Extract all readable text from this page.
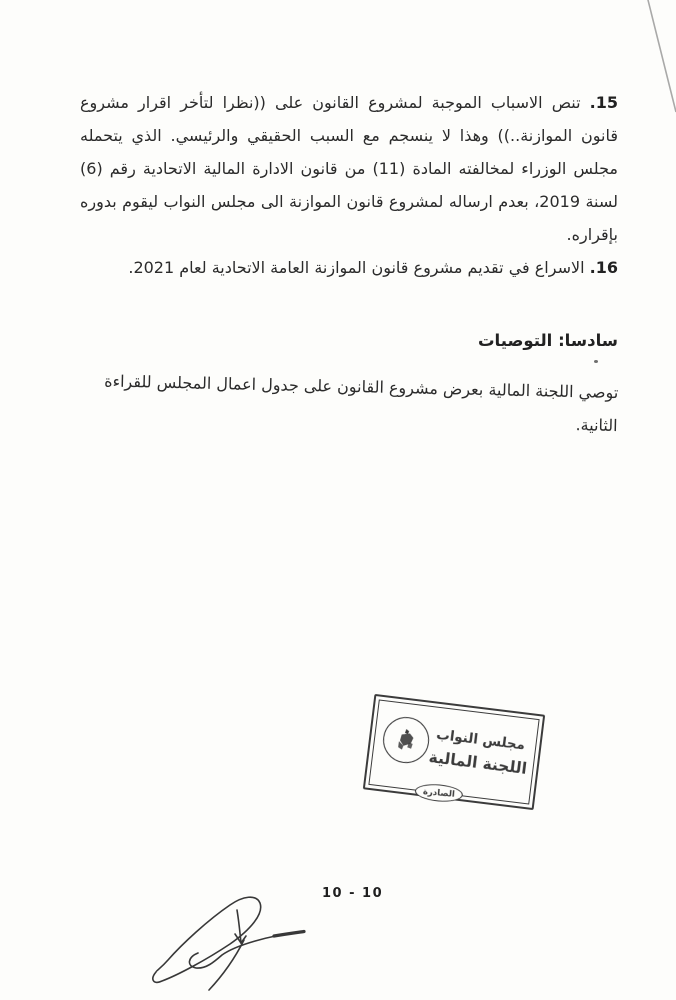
15. تنص الاسباب الموجبة لمشروع القانون على ((نظرا لتأخر اقرار مشروع قانون الموازنة..)) وهذا لا ينسجم مع السبب الحقيقي والرئيسي. الذي يتحمله مجلس الوزراء لمخالفته المادة (11) من قانون الادارة المالية الاتحادية رقم (6) لسنة 2019، بعدم ارساله لمشروع قانون الموازنة الى مجلس النواب ليقوم بدوره بإقراره.

16. الاسراع في تقديم مشروع قانون الموازنة العامة الاتحادية لعام 2021.

سادسا: التوصيات

توصي اللجنة المالية بعرض مشروع القانون على جدول اعمال المجلس للقراءة الثانية.

مجلس النواب
اللجنة المالية
الصادرة
10 - 10
